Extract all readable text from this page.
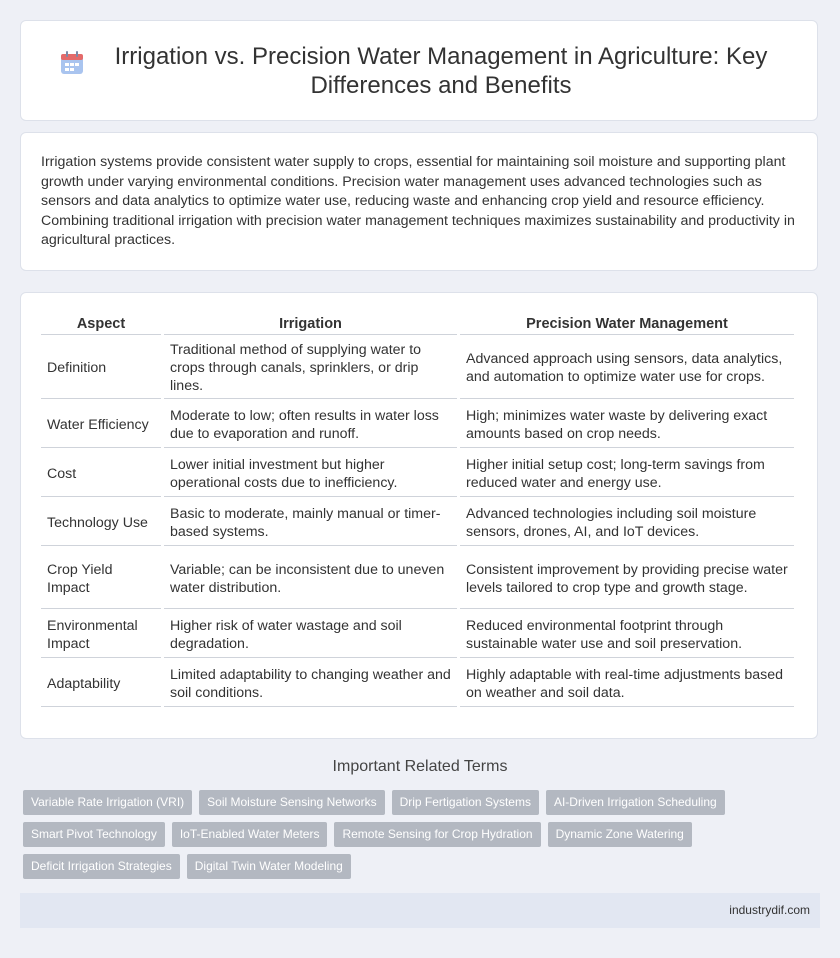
Irrigation vs. Precision Water Management in Agriculture: Key Differences and Benefits

Irrigation systems provide consistent water supply to crops, essential for maintaining soil moisture and supporting plant growth under varying environmental conditions. Precision water management uses advanced technologies such as sensors and data analytics to optimize water use, reducing waste and enhancing crop yield and resource efficiency. Combining traditional irrigation with precision water management techniques maximizes sustainability and productivity in agricultural practices.

Aspect	Irrigation	Precision Water Management
Definition	Traditional method of supplying water to crops through canals, sprinklers, or drip lines.	Advanced approach using sensors, data analytics, and automation to optimize water use for crops.
Water Efficiency	Moderate to low; often results in water loss due to evaporation and runoff.	High; minimizes water waste by delivering exact amounts based on crop needs.
Cost	Lower initial investment but higher operational costs due to inefficiency.	Higher initial setup cost; long-term savings from reduced water and energy use.
Technology Use	Basic to moderate, mainly manual or timer-based systems.	Advanced technologies including soil moisture sensors, drones, AI, and IoT devices.
Crop Yield Impact	Variable; can be inconsistent due to uneven water distribution.	Consistent improvement by providing precise water levels tailored to crop type and growth stage.
Environmental Impact	Higher risk of water wastage and soil degradation.	Reduced environmental footprint through sustainable water use and soil preservation.
Adaptability	Limited adaptability to changing weather and soil conditions.	Highly adaptable with real-time adjustments based on weather and soil data.
Important Related Terms
Variable Rate Irrigation (VRI)	Soil Moisture Sensing Networks	Drip Fertigation Systems	AI-Driven Irrigation Scheduling
Smart Pivot Technology	IoT-Enabled Water Meters	Remote Sensing for Crop Hydration	Dynamic Zone Watering
Deficit Irrigation Strategies	Digital Twin Water Modeling
industrydif.com
